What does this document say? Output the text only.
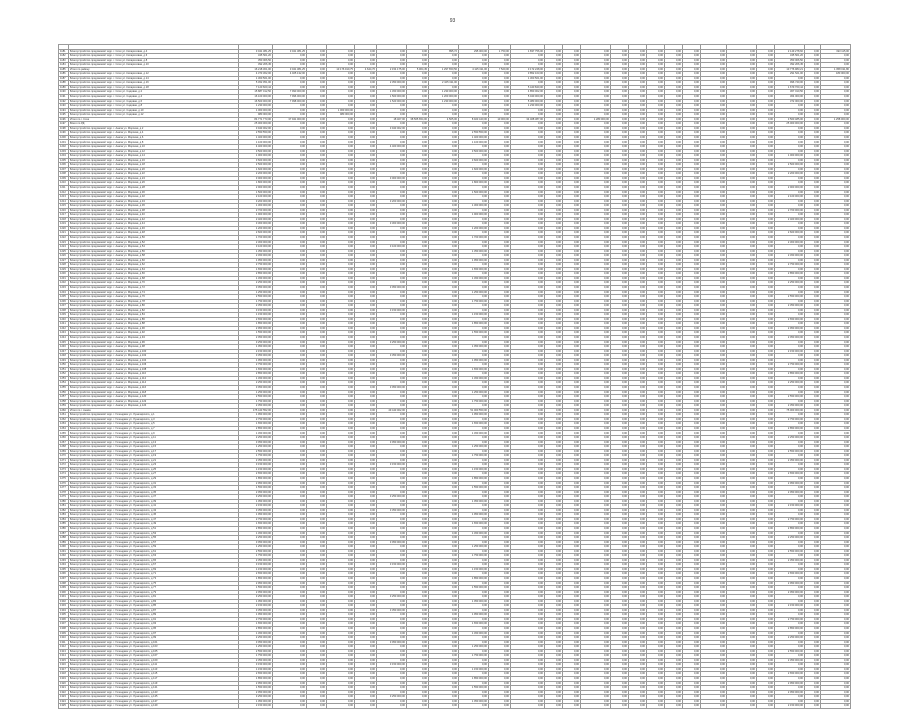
93

1181	Благоустройство придомовой терр. г. Сочи ул. Кипарисовая, д.4	3 041 381,25	3 041 381,25	0,00	0,00	0,00	0,00	0,00	895,72	295 000,00	1 750,00	1 837 756,00	0,00	0,00	0,00	0,00	0,00	0,00	0,00	0,00	0,00	0,00	0,00	2 149 278,60	0,00	193 115,00
1182	Благоустройство придомовой терр. г. Сочи ул. Кипарисовая, д.6	345 501,20	0,00	0,00	0,00	0,00	0,00	0,00	0,00	0,00	0,00	0,00	0,00	0,00	0,00	0,00	0,00	0,00	0,00	0,00	0,00	0,00	0,00	345 501,20	0,00	0,00
1183	Благоустройство придомовой терр. г. Сочи ул. Кипарисовая, д.8	350 006,50	0,00	0,00	0,00	0,00	0,00	0,00	0,00	0,00	0,00	0,00	0,00	0,00	0,00	0,00	0,00	0,00	0,00	0,00	0,00	0,00	0,00	350 006,50	0,00	0,00
1184	Благоустройство придомовой терр. г. Сочи ул. Кипарисовая, д.10	392 206,45	0,00	0,00	0,00	0,00	0,00	0,00	0,00	0,00	0,00	0,00	0,00	0,00	0,00	0,00	0,00	0,00	0,00	0,00	0,00	0,00	0,00	392 206,45	0,00	0,00
1185	Итого по району	16 218 301,00	3 041 381,25	0,00	13 176 919,75	4 644,76	2 154 175,00	5 964,45	1 297 650,56	4 115 311,06	7 520,00	3 172 248,00	0,00	0,00	0,00	0,00	0,00	0,00	0,00	0,00	0,00	0,00	0,00	13 776 983,21	0,00	1 058 011,80
1186	Благоустройство придомовой терр. г. Сочи ул. Кипарисовая, д.12	4 373 362,00	4 025 132,00	0,00	0,00	0,00	0,00	0,00	0,00	0,00	0,00	3 852 163,00	0,00	0,00	0,00	0,00	0,00	0,00	0,00	0,00	0,00	0,00	0,00	291 521,00	0,00	180 000,00
1187	Благоустройство придомовой терр. г. Сочи ул. Кипарисовая, д.14	1 300 561,00	0,00	0,00	0,00	0,00	0,00	0,00	0,00	0,00	0,00	1 300 561,00	0,00	0,00	0,00	0,00	0,00	0,00	0,00	0,00	0,00	0,00	0,00	0,00	0,00	0,00
1188	Благоустройство придомовой терр. г. Сочи ул. Кипарисовая, д.16	5 452 051,00	0,00	0,00	0,00	0,00	2 350 000,00	0,00	2 105 311,00	0,00	0,00	0,00	0,00	0,00	0,00	0,00	0,00	0,00	0,00	0,00	0,00	0,00	0,00	996 740,00	0,00	0,00
1189	Благоустройство придомовой терр. г. Сочи ул. Кипарисовая, д.18	7 120 600,44	0,00	0,00	0,00	0,00	0,00	0,00	0,00	0,00	0,00	5 440 840,00	0,00	0,00	0,00	0,00	0,00	0,00	0,00	0,00	0,00	0,00	0,00	1 679 760,44	0,00	0,00
1190	Благоустройство придомовой терр. г. Сочи ул. Садовая, д.2	15 887 012,50	7 990 000,00	0,00	0,00	0,00	1 450 000,00	0,00	1 230 000,00	0,00	0,00	4 850 002,00	0,00	0,00	0,00	0,00	0,00	0,00	0,00	0,00	0,00	0,00	0,00	367 010,50	0,00	0,00
1191	Благоустройство придомовой терр. г. Сочи ул. Садовая, д.4	16 100 000,00	7 996 000,00	0,00	0,00	0,00	1 500 000,00	0,00	1 200 000,00	0,00	0,00	5 040 000,00	0,00	0,00	0,00	0,00	0,00	0,00	0,00	0,00	0,00	0,00	0,00	364 000,00	0,00	0,00
1192	Благоустройство придомовой терр. г. Сочи ул. Садовая, д.6	16 500 000,00	7 998 000,00	0,00	0,00	0,00	1 520 000,00	0,00	1 230 000,00	0,00	0,00	5 380 000,00	0,00	0,00	0,00	0,00	0,00	0,00	0,00	0,00	0,00	0,00	0,00	372 000,00	0,00	0,00
1193	Благоустройство придомовой терр. г. Сочи ул. Садовая, д.8	1 230 000,00	0,00	0,00	0,00	0,00	0,00	0,00	0,00	0,00	0,00	1 230 000,00	0,00	0,00	0,00	0,00	0,00	0,00	0,00	0,00	0,00	0,00	0,00	0,00	0,00	0,00
1194	Благоустройство придомовой терр. г. Сочи ул. Садовая, д.10	1 060 000,00	0,00	0,00	1 060 000,00	0,00	0,00	0,00	0,00	0,00	0,00	0,00	0,00	0,00	0,00	0,00	0,00	0,00	0,00	0,00	0,00	0,00	0,00	0,00	0,00	0,00
1195	Благоустройство придомовой терр. г. Сочи ул. Садовая, д.12	980 000,00	0,00	0,00	980 000,00	0,00	0,00	0,00	0,00	0,00	0,00	0,00	0,00	0,00	0,00	0,00	0,00	0,00	0,00	0,00	0,00	0,00	0,00	0,00	0,00	0,00
1196	Итого по г. Сочи	84 771 773,00	37 941 000,00	0,00	0,00	0,00	18 407,00	38 565 654,00	4 505,00	8 923 440,00	10 000,00	34 468 387,00	0,00	0,00	1 280 000,00	0,00	0,00	0,00	0,00	0,00	0,00	0,00	0,00	3 560 485,00	0,00	1 258 000,00
1197	Всего по РД	25 000 000,00	0,00	0,00	0,00	0,00	0,00	0,00	0,00	0,00	0,00	0,00	0,00	0,00	0,00	0,00	0,00	0,00	0,00	0,00	0,00	0,00	0,00	25 000 000,00	0,00	0,00
1198	Благоустройство придомовой терр. г. Анапа ул. Морская, д.2	3 943 002,00	0,00	0,00	0,00	0,00	3 943 002,00	0,00	0,00	0,00	0,00	0,00	0,00	0,00	0,00	0,00	0,00	0,00	0,00	0,00	0,00	0,00	0,00	0,00	0,00	0,00
1199	Благоустройство придомовой терр. г. Анапа ул. Морская, д.4	2 550 550,00	0,00	0,00	0,00	0,00	0,00	0,00	0,00	2 550 550,00	0,00	0,00	0,00	0,00	0,00	0,00	0,00	0,00	0,00	0,00	0,00	0,00	0,00	0,00	0,00	0,00
1200	Благоустройство придомовой терр. г. Анапа ул. Морская, д.6	1 400 000,00	0,00	0,00	0,00	0,00	0,00	0,00	0,00	1 400 000,00	0,00	0,00	0,00	0,00	0,00	0,00	0,00	0,00	0,00	0,00	0,00	0,00	0,00	0,00	0,00	0,00
1201	Благоустройство придомовой терр. г. Анапа ул. Морская, д.8	1 100 000,00	0,00	0,00	0,00	0,00	0,00	0,00	0,00	1 100 000,00	0,00	0,00	0,00	0,00	0,00	0,00	0,00	0,00	0,00	0,00	0,00	0,00	0,00	0,00	0,00	0,00
1202	Благоустройство придомовой терр. г. Анапа ул. Морская, д.10	4 400 000,00	0,00	0,00	0,00	0,00	4 400 000,00	0,00	0,00	0,00	0,00	0,00	0,00	0,00	0,00	0,00	0,00	0,00	0,00	0,00	0,00	0,00	0,00	0,00	0,00	0,00
1203	Благоустройство придомовой терр. г. Анапа ул. Морская, д.12	3 500 000,00	0,00	0,00	0,00	0,00	0,00	0,00	0,00	3 500 000,00	0,00	0,00	0,00	0,00	0,00	0,00	0,00	0,00	0,00	0,00	0,00	0,00	0,00	0,00	0,00	0,00
1204	Благоустройство придомовой терр. г. Анапа ул. Морская, д.14	1 000 000,00	0,00	0,00	0,00	0,00	0,00	0,00	0,00	0,00	0,00	0,00	0,00	0,00	0,00	0,00	0,00	0,00	0,00	0,00	0,00	0,00	0,00	1 000 000,00	0,00	0,00
1205	Благоустройство придомовой терр. г. Анапа ул. Морская, д.16	3 600 000,00	0,00	0,00	0,00	0,00	0,00	0,00	0,00	3 600 000,00	0,00	0,00	0,00	0,00	0,00	0,00	0,00	0,00	0,00	0,00	0,00	0,00	0,00	0,00	0,00	0,00
1206	Благоустройство придомовой терр. г. Анапа ул. Морская, д.18	2 500 000,00	0,00	0,00	0,00	0,00	0,00	0,00	0,00	0,00	0,00	0,00	0,00	0,00	0,00	0,00	0,00	0,00	0,00	0,00	0,00	0,00	0,00	2 500 000,00	0,00	0,00
1207	Благоустройство придомовой терр. г. Анапа ул. Морская, д.20	1 600 000,00	0,00	0,00	0,00	0,00	0,00	0,00	0,00	1 600 000,00	0,00	0,00	0,00	0,00	0,00	0,00	0,00	0,00	0,00	0,00	0,00	0,00	0,00	0,00	0,00	0,00
1208	Благоустройство придомовой терр. г. Анапа ул. Морская, д.22	2 200 000,00	0,00	0,00	0,00	0,00	0,00	0,00	0,00	0,00	0,00	0,00	0,00	0,00	0,00	0,00	0,00	0,00	0,00	0,00	0,00	0,00	0,00	2 200 000,00	0,00	0,00
1209	Благоустройство придомовой терр. г. Анапа ул. Морская, д.24	3 000 000,00	0,00	0,00	0,00	0,00	3 000 000,00	0,00	0,00	0,00	0,00	0,00	0,00	0,00	0,00	0,00	0,00	0,00	0,00	0,00	0,00	0,00	0,00	0,00	0,00	0,00
1210	Благоустройство придомовой терр. г. Анапа ул. Морская, д.26	1 800 000,00	0,00	0,00	0,00	0,00	0,00	0,00	0,00	1 800 000,00	0,00	0,00	0,00	0,00	0,00	0,00	0,00	0,00	0,00	0,00	0,00	0,00	0,00	0,00	0,00	0,00
1211	Благоустройство придомовой терр. г. Анапа ул. Морская, д.28	2 900 000,00	0,00	0,00	0,00	0,00	0,00	0,00	0,00	0,00	0,00	0,00	0,00	0,00	0,00	0,00	0,00	0,00	0,00	0,00	0,00	0,00	0,00	2 900 000,00	0,00	0,00
1212	Благоустройство придомовой терр. г. Анапа ул. Морская, д.30	1 500 000,00	0,00	0,00	0,00	0,00	0,00	0,00	0,00	1 500 000,00	0,00	0,00	0,00	0,00	0,00	0,00	0,00	0,00	0,00	0,00	0,00	0,00	0,00	0,00	0,00	0,00
1213	Благоустройство придомовой терр. г. Анапа ул. Морская, д.32	2 100 000,00	0,00	0,00	0,00	0,00	0,00	0,00	0,00	0,00	0,00	0,00	0,00	0,00	0,00	0,00	0,00	0,00	0,00	0,00	0,00	0,00	0,00	2 100 000,00	0,00	0,00
1214	Благоустройство придомовой терр. г. Анапа ул. Морская, д.34	3 200 000,00	0,00	0,00	0,00	0,00	3 200 000,00	0,00	0,00	0,00	0,00	0,00	0,00	0,00	0,00	0,00	0,00	0,00	0,00	0,00	0,00	0,00	0,00	0,00	0,00	0,00
1215	Благоустройство придомовой терр. г. Анапа ул. Морская, д.36	1 300 000,00	0,00	0,00	0,00	0,00	0,00	0,00	0,00	1 300 000,00	0,00	0,00	0,00	0,00	0,00	0,00	0,00	0,00	0,00	0,00	0,00	0,00	0,00	0,00	0,00	0,00
1216	Благоустройство придомовой терр. г. Анапа ул. Морская, д.38	2 700 000,00	0,00	0,00	0,00	0,00	0,00	0,00	0,00	0,00	0,00	0,00	0,00	0,00	0,00	0,00	0,00	0,00	0,00	0,00	0,00	0,00	0,00	2 700 000,00	0,00	0,00
1217	Благоустройство придомовой терр. г. Анапа ул. Морская, д.40	1 900 000,00	0,00	0,00	0,00	0,00	0,00	0,00	0,00	1 900 000,00	0,00	0,00	0,00	0,00	0,00	0,00	0,00	0,00	0,00	0,00	0,00	0,00	0,00	0,00	0,00	0,00
1218	Благоустройство придомовой терр. г. Анапа ул. Морская, д.42	2 400 000,00	0,00	0,00	0,00	0,00	0,00	0,00	0,00	0,00	0,00	0,00	0,00	0,00	0,00	0,00	0,00	0,00	0,00	0,00	0,00	0,00	0,00	2 400 000,00	0,00	0,00
1219	Благоустройство придомовой терр. г. Анапа ул. Морская, д.44	3 300 000,00	0,00	0,00	0,00	0,00	3 300 000,00	0,00	0,00	0,00	0,00	0,00	0,00	0,00	0,00	0,00	0,00	0,00	0,00	0,00	0,00	0,00	0,00	0,00	0,00	0,00
1220	Благоустройство придомовой терр. г. Анапа ул. Морская, д.46	1 200 000,00	0,00	0,00	0,00	0,00	0,00	0,00	0,00	1 200 000,00	0,00	0,00	0,00	0,00	0,00	0,00	0,00	0,00	0,00	0,00	0,00	0,00	0,00	0,00	0,00	0,00
1221	Благоустройство придомовой терр. г. Анапа ул. Морская, д.48	2 600 000,00	0,00	0,00	0,00	0,00	0,00	0,00	0,00	0,00	0,00	0,00	0,00	0,00	0,00	0,00	0,00	0,00	0,00	0,00	0,00	0,00	0,00	2 600 000,00	0,00	0,00
1222	Благоустройство придомовой терр. г. Анапа ул. Морская, д.50	1 700 000,00	0,00	0,00	0,00	0,00	0,00	0,00	0,00	1 700 000,00	0,00	0,00	0,00	0,00	0,00	0,00	0,00	0,00	0,00	0,00	0,00	0,00	0,00	0,00	0,00	0,00
1223	Благоустройство придомовой терр. г. Анапа ул. Морская, д.52	2 300 000,00	0,00	0,00	0,00	0,00	0,00	0,00	0,00	0,00	0,00	0,00	0,00	0,00	0,00	0,00	0,00	0,00	0,00	0,00	0,00	0,00	0,00	2 300 000,00	0,00	0,00
1224	Благоустройство придомовой терр. г. Анапа ул. Морская, д.54	3 100 000,00	0,00	0,00	0,00	0,00	3 100 000,00	0,00	0,00	0,00	0,00	0,00	0,00	0,00	0,00	0,00	0,00	0,00	0,00	0,00	0,00	0,00	0,00	0,00	0,00	0,00
1225	Благоустройство придомовой терр. г. Анапа ул. Морская, д.56	1 350 000,00	0,00	0,00	0,00	0,00	0,00	0,00	0,00	1 350 000,00	0,00	0,00	0,00	0,00	0,00	0,00	0,00	0,00	0,00	0,00	0,00	0,00	0,00	0,00	0,00	0,00
1226	Благоустройство придомовой терр. г. Анапа ул. Морская, д.58	2 450 000,00	0,00	0,00	0,00	0,00	0,00	0,00	0,00	0,00	0,00	0,00	0,00	0,00	0,00	0,00	0,00	0,00	0,00	0,00	0,00	0,00	0,00	2 450 000,00	0,00	0,00
1227	Благоустройство придомовой терр. г. Анапа ул. Морская, д.60	1 950 000,00	0,00	0,00	0,00	0,00	0,00	0,00	0,00	1 950 000,00	0,00	0,00	0,00	0,00	0,00	0,00	0,00	0,00	0,00	0,00	0,00	0,00	0,00	0,00	0,00	0,00
1228	Благоустройство придомовой терр. г. Анапа ул. Морская, д.62	2 750 000,00	0,00	0,00	0,00	0,00	0,00	0,00	0,00	0,00	0,00	0,00	0,00	0,00	0,00	0,00	0,00	0,00	0,00	0,00	0,00	0,00	0,00	2 750 000,00	0,00	0,00
1229	Благоустройство придомовой терр. г. Анапа ул. Морская, д.64	1 650 000,00	0,00	0,00	0,00	0,00	0,00	0,00	0,00	1 650 000,00	0,00	0,00	0,00	0,00	0,00	0,00	0,00	0,00	0,00	0,00	0,00	0,00	0,00	0,00	0,00	0,00
1230	Благоустройство придомовой терр. г. Анапа ул. Морская, д.66	2 850 000,00	0,00	0,00	0,00	0,00	0,00	0,00	0,00	0,00	0,00	0,00	0,00	0,00	0,00	0,00	0,00	0,00	0,00	0,00	0,00	0,00	0,00	2 850 000,00	0,00	0,00
1231	Благоустройство придомовой терр. г. Анапа ул. Морская, д.68	1 450 000,00	0,00	0,00	0,00	0,00	0,00	0,00	0,00	1 450 000,00	0,00	0,00	0,00	0,00	0,00	0,00	0,00	0,00	0,00	0,00	0,00	0,00	0,00	0,00	0,00	0,00
1232	Благоустройство придомовой терр. г. Анапа ул. Морская, д.70	2 250 000,00	0,00	0,00	0,00	0,00	0,00	0,00	0,00	0,00	0,00	0,00	0,00	0,00	0,00	0,00	0,00	0,00	0,00	0,00	0,00	0,00	0,00	2 250 000,00	0,00	0,00
1233	Благоустройство придомовой терр. г. Анапа ул. Морская, д.72	3 050 000,00	0,00	0,00	0,00	0,00	3 050 000,00	0,00	0,00	0,00	0,00	0,00	0,00	0,00	0,00	0,00	0,00	0,00	0,00	0,00	0,00	0,00	0,00	0,00	0,00	0,00
1234	Благоустройство придомовой терр. г. Анапа ул. Морская, д.74	1 250 000,00	0,00	0,00	0,00	0,00	0,00	0,00	0,00	1 250 000,00	0,00	0,00	0,00	0,00	0,00	0,00	0,00	0,00	0,00	0,00	0,00	0,00	0,00	0,00	0,00	0,00
1235	Благоустройство придомовой терр. г. Анапа ул. Морская, д.76	2 550 000,00	0,00	0,00	0,00	0,00	0,00	0,00	0,00	0,00	0,00	0,00	0,00	0,00	0,00	0,00	0,00	0,00	0,00	0,00	0,00	0,00	0,00	2 550 000,00	0,00	0,00
1236	Благоустройство придомовой терр. г. Анапа ул. Морская, д.78	1 750 000,00	0,00	0,00	0,00	0,00	0,00	0,00	0,00	1 750 000,00	0,00	0,00	0,00	0,00	0,00	0,00	0,00	0,00	0,00	0,00	0,00	0,00	0,00	0,00	0,00	0,00
1237	Благоустройство придомовой терр. г. Анапа ул. Морская, д.80	2 350 000,00	0,00	0,00	0,00	0,00	0,00	0,00	0,00	0,00	0,00	0,00	0,00	0,00	0,00	0,00	0,00	0,00	0,00	0,00	0,00	0,00	0,00	2 350 000,00	0,00	0,00
1238	Благоустройство придомовой терр. г. Анапа ул. Морская, д.82	3 150 000,00	0,00	0,00	0,00	0,00	3 150 000,00	0,00	0,00	0,00	0,00	0,00	0,00	0,00	0,00	0,00	0,00	0,00	0,00	0,00	0,00	0,00	0,00	0,00	0,00	0,00
1239	Благоустройство придомовой терр. г. Анапа ул. Морская, д.84	1 150 000,00	0,00	0,00	0,00	0,00	0,00	0,00	0,00	1 150 000,00	0,00	0,00	0,00	0,00	0,00	0,00	0,00	0,00	0,00	0,00	0,00	0,00	0,00	0,00	0,00	0,00
1240	Благоустройство придомовой терр. г. Анапа ул. Морская, д.86	2 650 000,00	0,00	0,00	0,00	0,00	0,00	0,00	0,00	0,00	0,00	0,00	0,00	0,00	0,00	0,00	0,00	0,00	0,00	0,00	0,00	0,00	0,00	2 650 000,00	0,00	0,00
1241	Благоустройство придомовой терр. г. Анапа ул. Морская, д.88	1 850 000,00	0,00	0,00	0,00	0,00	0,00	0,00	0,00	1 850 000,00	0,00	0,00	0,00	0,00	0,00	0,00	0,00	0,00	0,00	0,00	0,00	0,00	0,00	0,00	0,00	0,00
1242	Благоустройство придомовой терр. г. Анапа ул. Морская, д.90	2 950 000,00	0,00	0,00	0,00	0,00	0,00	0,00	0,00	0,00	0,00	0,00	0,00	0,00	0,00	0,00	0,00	0,00	0,00	0,00	0,00	0,00	0,00	2 950 000,00	0,00	0,00
1243	Благоустройство придомовой терр. г. Анапа ул. Морская, д.92	1 550 000,00	0,00	0,00	0,00	0,00	0,00	0,00	0,00	1 550 000,00	0,00	0,00	0,00	0,00	0,00	0,00	0,00	0,00	0,00	0,00	0,00	0,00	0,00	0,00	0,00	0,00
1244	Благоустройство придомовой терр. г. Анапа ул. Морская, д.94	2 050 000,00	0,00	0,00	0,00	0,00	0,00	0,00	0,00	0,00	0,00	0,00	0,00	0,00	0,00	0,00	0,00	0,00	0,00	0,00	0,00	0,00	0,00	2 050 000,00	0,00	0,00
1245	Благоустройство придомовой терр. г. Анапа ул. Морская, д.96	3 250 000,00	0,00	0,00	0,00	0,00	3 250 000,00	0,00	0,00	0,00	0,00	0,00	0,00	0,00	0,00	0,00	0,00	0,00	0,00	0,00	0,00	0,00	0,00	0,00	0,00	0,00
1246	Благоустройство придомовой терр. г. Анапа ул. Морская, д.98	1 050 000,00	0,00	0,00	0,00	0,00	0,00	0,00	0,00	1 050 000,00	0,00	0,00	0,00	0,00	0,00	0,00	0,00	0,00	0,00	0,00	0,00	0,00	0,00	0,00	0,00	0,00
1247	Благоустройство придомовой терр. г. Анапа ул. Морская, д.100	2 150 000,00	0,00	0,00	0,00	0,00	0,00	0,00	0,00	0,00	0,00	0,00	0,00	0,00	0,00	0,00	0,00	0,00	0,00	0,00	0,00	0,00	0,00	2 150 000,00	0,00	0,00
1248	Благоустройство придомовой терр. г. Анапа ул. Морская, д.102	3 350 000,00	0,00	0,00	0,00	0,00	3 350 000,00	0,00	0,00	0,00	0,00	0,00	0,00	0,00	0,00	0,00	0,00	0,00	0,00	0,00	0,00	0,00	0,00	0,00	0,00	0,00
1249	Благоустройство придомовой терр. г. Анапа ул. Морская, д.104	1 950 000,00	0,00	0,00	0,00	0,00	0,00	0,00	0,00	1 950 000,00	0,00	0,00	0,00	0,00	0,00	0,00	0,00	0,00	0,00	0,00	0,00	0,00	0,00	0,00	0,00	0,00
1250	Благоустройство придомовой терр. г. Анапа ул. Морская, д.106	2 750 000,00	0,00	0,00	0,00	0,00	0,00	0,00	0,00	0,00	0,00	0,00	0,00	0,00	0,00	0,00	0,00	0,00	0,00	0,00	0,00	0,00	0,00	2 750 000,00	0,00	0,00
1251	Благоустройство придомовой терр. г. Анапа ул. Морская, д.108	1 650 000,00	0,00	0,00	0,00	0,00	0,00	0,00	0,00	1 650 000,00	0,00	0,00	0,00	0,00	0,00	0,00	0,00	0,00	0,00	0,00	0,00	0,00	0,00	0,00	0,00	0,00
1252	Благоустройство придомовой терр. г. Анапа ул. Морская, д.110	2 850 000,00	0,00	0,00	0,00	0,00	0,00	0,00	0,00	0,00	0,00	0,00	0,00	0,00	0,00	0,00	0,00	0,00	0,00	0,00	0,00	0,00	0,00	2 850 000,00	0,00	0,00
1253	Благоустройство придомовой терр. г. Анапа ул. Морская, д.112	1 450 000,00	0,00	0,00	0,00	0,00	0,00	0,00	0,00	1 450 000,00	0,00	0,00	0,00	0,00	0,00	0,00	0,00	0,00	0,00	0,00	0,00	0,00	0,00	0,00	0,00	0,00
1254	Благоустройство придомовой терр. г. Анапа ул. Морская, д.114	2 250 000,00	0,00	0,00	0,00	0,00	0,00	0,00	0,00	0,00	0,00	0,00	0,00	0,00	0,00	0,00	0,00	0,00	0,00	0,00	0,00	0,00	0,00	2 250 000,00	0,00	0,00
1255	Благоустройство придомовой терр. г. Анапа ул. Морская, д.116	3 050 000,00	0,00	0,00	0,00	0,00	3 050 000,00	0,00	0,00	0,00	0,00	0,00	0,00	0,00	0,00	0,00	0,00	0,00	0,00	0,00	0,00	0,00	0,00	0,00	0,00	0,00
1256	Благоустройство придомовой терр. г. Анапа ул. Морская, д.118	1 250 000,00	0,00	0,00	0,00	0,00	0,00	0,00	0,00	1 250 000,00	0,00	0,00	0,00	0,00	0,00	0,00	0,00	0,00	0,00	0,00	0,00	0,00	0,00	0,00	0,00	0,00
1257	Благоустройство придомовой терр. г. Анапа ул. Морская, д.120	2 550 000,00	0,00	0,00	0,00	0,00	0,00	0,00	0,00	0,00	0,00	0,00	0,00	0,00	0,00	0,00	0,00	0,00	0,00	0,00	0,00	0,00	0,00	2 550 000,00	0,00	0,00
1258	Благоустройство придомовой терр. г. Анапа ул. Морская, д.122	1 750 000,00	0,00	0,00	0,00	0,00	0,00	0,00	0,00	1 750 000,00	0,00	0,00	0,00	0,00	0,00	0,00	0,00	0,00	0,00	0,00	0,00	0,00	0,00	0,00	0,00	0,00
1259	Благоустройство придомовой терр. г. Анапа ул. Морская, д.124	2 350 000,00	0,00	0,00	0,00	0,00	0,00	0,00	0,00	0,00	0,00	0,00	0,00	0,00	0,00	0,00	0,00	0,00	0,00	0,00	0,00	0,00	0,00	2 350 000,00	0,00	0,00
1260	Итого по г. Анапа	175 443 552,00	0,00	0,00	0,00	0,00	49 443 002,00	0,00	0,00	51 000 550,00	0,00	0,00	0,00	0,00	0,00	0,00	0,00	0,00	0,00	0,00	0,00	0,00	0,00	75 000 000,00	0,00	0,00
1261	Благоустройство придомовой терр. г. Геленджик ул. Луначарского, д.1	1 950 000,00	0,00	0,00	0,00	0,00	0,00	0,00	0,00	1 950 000,00	0,00	0,00	0,00	0,00	0,00	0,00	0,00	0,00	0,00	0,00	0,00	0,00	0,00	0,00	0,00	0,00
1262	Благоустройство придомовой терр. г. Геленджик ул. Луначарского, д.3	2 750 000,00	0,00	0,00	0,00	0,00	0,00	0,00	0,00	0,00	0,00	0,00	0,00	0,00	0,00	0,00	0,00	0,00	0,00	0,00	0,00	0,00	0,00	2 750 000,00	0,00	0,00
1263	Благоустройство придомовой терр. г. Геленджик ул. Луначарского, д.5	1 650 000,00	0,00	0,00	0,00	0,00	0,00	0,00	0,00	1 650 000,00	0,00	0,00	0,00	0,00	0,00	0,00	0,00	0,00	0,00	0,00	0,00	0,00	0,00	0,00	0,00	0,00
1264	Благоустройство придомовой терр. г. Геленджик ул. Луначарского, д.7	2 850 000,00	0,00	0,00	0,00	0,00	0,00	0,00	0,00	0,00	0,00	0,00	0,00	0,00	0,00	0,00	0,00	0,00	0,00	0,00	0,00	0,00	0,00	2 850 000,00	0,00	0,00
1265	Благоустройство придомовой терр. г. Геленджик ул. Луначарского, д.9	1 450 000,00	0,00	0,00	0,00	0,00	0,00	0,00	0,00	1 450 000,00	0,00	0,00	0,00	0,00	0,00	0,00	0,00	0,00	0,00	0,00	0,00	0,00	0,00	0,00	0,00	0,00
1266	Благоустройство придомовой терр. г. Геленджик ул. Луначарского, д.11	2 250 000,00	0,00	0,00	0,00	0,00	0,00	0,00	0,00	0,00	0,00	0,00	0,00	0,00	0,00	0,00	0,00	0,00	0,00	0,00	0,00	0,00	0,00	2 250 000,00	0,00	0,00
1267	Благоустройство придомовой терр. г. Геленджик ул. Луначарского, д.13	3 050 000,00	0,00	0,00	0,00	0,00	3 050 000,00	0,00	0,00	0,00	0,00	0,00	0,00	0,00	0,00	0,00	0,00	0,00	0,00	0,00	0,00	0,00	0,00	0,00	0,00	0,00
1268	Благоустройство придомовой терр. г. Геленджик ул. Луначарского, д.15	1 250 000,00	0,00	0,00	0,00	0,00	0,00	0,00	0,00	1 250 000,00	0,00	0,00	0,00	0,00	0,00	0,00	0,00	0,00	0,00	0,00	0,00	0,00	0,00	0,00	0,00	0,00
1269	Благоустройство придомовой терр. г. Геленджик ул. Луначарского, д.17	2 550 000,00	0,00	0,00	0,00	0,00	0,00	0,00	0,00	0,00	0,00	0,00	0,00	0,00	0,00	0,00	0,00	0,00	0,00	0,00	0,00	0,00	0,00	2 550 000,00	0,00	0,00
1270	Благоустройство придомовой терр. г. Геленджик ул. Луначарского, д.19	1 750 000,00	0,00	0,00	0,00	0,00	0,00	0,00	0,00	1 750 000,00	0,00	0,00	0,00	0,00	0,00	0,00	0,00	0,00	0,00	0,00	0,00	0,00	0,00	0,00	0,00	0,00
1271	Благоустройство придомовой терр. г. Геленджик ул. Луначарского, д.21	2 350 000,00	0,00	0,00	0,00	0,00	0,00	0,00	0,00	0,00	0,00	0,00	0,00	0,00	0,00	0,00	0,00	0,00	0,00	0,00	0,00	0,00	0,00	2 350 000,00	0,00	0,00
1272	Благоустройство придомовой терр. г. Геленджик ул. Луначарского, д.23	3 150 000,00	0,00	0,00	0,00	0,00	3 150 000,00	0,00	0,00	0,00	0,00	0,00	0,00	0,00	0,00	0,00	0,00	0,00	0,00	0,00	0,00	0,00	0,00	0,00	0,00	0,00
1273	Благоустройство придомовой терр. г. Геленджик ул. Луначарского, д.25	1 150 000,00	0,00	0,00	0,00	0,00	0,00	0,00	0,00	1 150 000,00	0,00	0,00	0,00	0,00	0,00	0,00	0,00	0,00	0,00	0,00	0,00	0,00	0,00	0,00	0,00	0,00
1274	Благоустройство придомовой терр. г. Геленджик ул. Луначарского, д.27	2 650 000,00	0,00	0,00	0,00	0,00	0,00	0,00	0,00	0,00	0,00	0,00	0,00	0,00	0,00	0,00	0,00	0,00	0,00	0,00	0,00	0,00	0,00	2 650 000,00	0,00	0,00
1275	Благоустройство придомовой терр. г. Геленджик ул. Луначарского, д.29	1 850 000,00	0,00	0,00	0,00	0,00	0,00	0,00	0,00	1 850 000,00	0,00	0,00	0,00	0,00	0,00	0,00	0,00	0,00	0,00	0,00	0,00	0,00	0,00	0,00	0,00	0,00
1276	Благоустройство придомовой терр. г. Геленджик ул. Луначарского, д.31	2 950 000,00	0,00	0,00	0,00	0,00	0,00	0,00	0,00	0,00	0,00	0,00	0,00	0,00	0,00	0,00	0,00	0,00	0,00	0,00	0,00	0,00	0,00	2 950 000,00	0,00	0,00
1277	Благоустройство придомовой терр. г. Геленджик ул. Луначарского, д.33	1 550 000,00	0,00	0,00	0,00	0,00	0,00	0,00	0,00	1 550 000,00	0,00	0,00	0,00	0,00	0,00	0,00	0,00	0,00	0,00	0,00	0,00	0,00	0,00	0,00	0,00	0,00
1278	Благоустройство придомовой терр. г. Геленджик ул. Луначарского, д.35	2 050 000,00	0,00	0,00	0,00	0,00	0,00	0,00	0,00	0,00	0,00	0,00	0,00	0,00	0,00	0,00	0,00	0,00	0,00	0,00	0,00	0,00	0,00	2 050 000,00	0,00	0,00
1279	Благоустройство придомовой терр. г. Геленджик ул. Луначарского, д.37	3 250 000,00	0,00	0,00	0,00	0,00	3 250 000,00	0,00	0,00	0,00	0,00	0,00	0,00	0,00	0,00	0,00	0,00	0,00	0,00	0,00	0,00	0,00	0,00	0,00	0,00	0,00
1280	Благоустройство придомовой терр. г. Геленджик ул. Луначарского, д.39	1 050 000,00	0,00	0,00	0,00	0,00	0,00	0,00	0,00	1 050 000,00	0,00	0,00	0,00	0,00	0,00	0,00	0,00	0,00	0,00	0,00	0,00	0,00	0,00	0,00	0,00	0,00
1281	Благоустройство придомовой терр. г. Геленджик ул. Луначарского, д.41	2 150 000,00	0,00	0,00	0,00	0,00	0,00	0,00	0,00	0,00	0,00	0,00	0,00	0,00	0,00	0,00	0,00	0,00	0,00	0,00	0,00	0,00	0,00	2 150 000,00	0,00	0,00
1282	Благоустройство придомовой терр. г. Геленджик ул. Луначарского, д.43	3 350 000,00	0,00	0,00	0,00	0,00	3 350 000,00	0,00	0,00	0,00	0,00	0,00	0,00	0,00	0,00	0,00	0,00	0,00	0,00	0,00	0,00	0,00	0,00	0,00	0,00	0,00
1283	Благоустройство придомовой терр. г. Геленджик ул. Луначарского, д.45	1 950 000,00	0,00	0,00	0,00	0,00	0,00	0,00	0,00	1 950 000,00	0,00	0,00	0,00	0,00	0,00	0,00	0,00	0,00	0,00	0,00	0,00	0,00	0,00	0,00	0,00	0,00
1284	Благоустройство придомовой терр. г. Геленджик ул. Луначарского, д.47	2 750 000,00	0,00	0,00	0,00	0,00	0,00	0,00	0,00	0,00	0,00	0,00	0,00	0,00	0,00	0,00	0,00	0,00	0,00	0,00	0,00	0,00	0,00	2 750 000,00	0,00	0,00
1285	Благоустройство придомовой терр. г. Геленджик ул. Луначарского, д.49	1 650 000,00	0,00	0,00	0,00	0,00	0,00	0,00	0,00	1 650 000,00	0,00	0,00	0,00	0,00	0,00	0,00	0,00	0,00	0,00	0,00	0,00	0,00	0,00	0,00	0,00	0,00
1286	Благоустройство придомовой терр. г. Геленджик ул. Луначарского, д.51	2 850 000,00	0,00	0,00	0,00	0,00	0,00	0,00	0,00	0,00	0,00	0,00	0,00	0,00	0,00	0,00	0,00	0,00	0,00	0,00	0,00	0,00	0,00	2 850 000,00	0,00	0,00
1287	Благоустройство придомовой терр. г. Геленджик ул. Луначарского, д.53	1 450 000,00	0,00	0,00	0,00	0,00	0,00	0,00	0,00	1 450 000,00	0,00	0,00	0,00	0,00	0,00	0,00	0,00	0,00	0,00	0,00	0,00	0,00	0,00	0,00	0,00	0,00
1288	Благоустройство придомовой терр. г. Геленджик ул. Луначарского, д.55	2 250 000,00	0,00	0,00	0,00	0,00	0,00	0,00	0,00	0,00	0,00	0,00	0,00	0,00	0,00	0,00	0,00	0,00	0,00	0,00	0,00	0,00	0,00	2 250 000,00	0,00	0,00
1289	Благоустройство придомовой терр. г. Геленджик ул. Луначарского, д.57	3 050 000,00	0,00	0,00	0,00	0,00	3 050 000,00	0,00	0,00	0,00	0,00	0,00	0,00	0,00	0,00	0,00	0,00	0,00	0,00	0,00	0,00	0,00	0,00	0,00	0,00	0,00
1290	Благоустройство придомовой терр. г. Геленджик ул. Луначарского, д.59	1 250 000,00	0,00	0,00	0,00	0,00	0,00	0,00	0,00	1 250 000,00	0,00	0,00	0,00	0,00	0,00	0,00	0,00	0,00	0,00	0,00	0,00	0,00	0,00	0,00	0,00	0,00
1291	Благоустройство придомовой терр. г. Геленджик ул. Луначарского, д.61	2 550 000,00	0,00	0,00	0,00	0,00	0,00	0,00	0,00	0,00	0,00	0,00	0,00	0,00	0,00	0,00	0,00	0,00	0,00	0,00	0,00	0,00	0,00	2 550 000,00	0,00	0,00
1292	Благоустройство придомовой терр. г. Геленджик ул. Луначарского, д.63	1 750 000,00	0,00	0,00	0,00	0,00	0,00	0,00	0,00	1 750 000,00	0,00	0,00	0,00	0,00	0,00	0,00	0,00	0,00	0,00	0,00	0,00	0,00	0,00	0,00	0,00	0,00
1293	Благоустройство придомовой терр. г. Геленджик ул. Луначарского, д.65	2 350 000,00	0,00	0,00	0,00	0,00	0,00	0,00	0,00	0,00	0,00	0,00	0,00	0,00	0,00	0,00	0,00	0,00	0,00	0,00	0,00	0,00	0,00	2 350 000,00	0,00	0,00
1294	Благоустройство придомовой терр. г. Геленджик ул. Луначарского, д.67	3 150 000,00	0,00	0,00	0,00	0,00	3 150 000,00	0,00	0,00	0,00	0,00	0,00	0,00	0,00	0,00	0,00	0,00	0,00	0,00	0,00	0,00	0,00	0,00	0,00	0,00	0,00
1295	Благоустройство придомовой терр. г. Геленджик ул. Луначарского, д.69	1 150 000,00	0,00	0,00	0,00	0,00	0,00	0,00	0,00	1 150 000,00	0,00	0,00	0,00	0,00	0,00	0,00	0,00	0,00	0,00	0,00	0,00	0,00	0,00	0,00	0,00	0,00
1296	Благоустройство придомовой терр. г. Геленджик ул. Луначарского, д.71	2 650 000,00	0,00	0,00	0,00	0,00	0,00	0,00	0,00	0,00	0,00	0,00	0,00	0,00	0,00	0,00	0,00	0,00	0,00	0,00	0,00	0,00	0,00	2 650 000,00	0,00	0,00
1297	Благоустройство придомовой терр. г. Геленджик ул. Луначарского, д.73	1 850 000,00	0,00	0,00	0,00	0,00	0,00	0,00	0,00	1 850 000,00	0,00	0,00	0,00	0,00	0,00	0,00	0,00	0,00	0,00	0,00	0,00	0,00	0,00	0,00	0,00	0,00
1298	Благоустройство придомовой терр. г. Геленджик ул. Луначарского, д.75	2 950 000,00	0,00	0,00	0,00	0,00	0,00	0,00	0,00	0,00	0,00	0,00	0,00	0,00	0,00	0,00	0,00	0,00	0,00	0,00	0,00	0,00	0,00	2 950 000,00	0,00	0,00
1299	Благоустройство придомовой терр. г. Геленджик ул. Луначарского, д.77	1 550 000,00	0,00	0,00	0,00	0,00	0,00	0,00	0,00	1 550 000,00	0,00	0,00	0,00	0,00	0,00	0,00	0,00	0,00	0,00	0,00	0,00	0,00	0,00	0,00	0,00	0,00
1300	Благоустройство придомовой терр. г. Геленджик ул. Луначарского, д.79	2 050 000,00	0,00	0,00	0,00	0,00	0,00	0,00	0,00	0,00	0,00	0,00	0,00	0,00	0,00	0,00	0,00	0,00	0,00	0,00	0,00	0,00	0,00	2 050 000,00	0,00	0,00
1301	Благоустройство придомовой терр. г. Геленджик ул. Луначарского, д.81	3 250 000,00	0,00	0,00	0,00	0,00	3 250 000,00	0,00	0,00	0,00	0,00	0,00	0,00	0,00	0,00	0,00	0,00	0,00	0,00	0,00	0,00	0,00	0,00	0,00	0,00	0,00
1302	Благоустройство придомовой терр. г. Геленджик ул. Луначарского, д.83	1 050 000,00	0,00	0,00	0,00	0,00	0,00	0,00	0,00	1 050 000,00	0,00	0,00	0,00	0,00	0,00	0,00	0,00	0,00	0,00	0,00	0,00	0,00	0,00	0,00	0,00	0,00
1303	Благоустройство придомовой терр. г. Геленджик ул. Луначарского, д.85	2 150 000,00	0,00	0,00	0,00	0,00	0,00	0,00	0,00	0,00	0,00	0,00	0,00	0,00	0,00	0,00	0,00	0,00	0,00	0,00	0,00	0,00	0,00	2 150 000,00	0,00	0,00
1304	Благоустройство придомовой терр. г. Геленджик ул. Луначарского, д.87	3 350 000,00	0,00	0,00	0,00	0,00	3 350 000,00	0,00	0,00	0,00	0,00	0,00	0,00	0,00	0,00	0,00	0,00	0,00	0,00	0,00	0,00	0,00	0,00	0,00	0,00	0,00
1305	Благоустройство придомовой терр. г. Геленджик ул. Луначарского, д.89	1 950 000,00	0,00	0,00	0,00	0,00	0,00	0,00	0,00	1 950 000,00	0,00	0,00	0,00	0,00	0,00	0,00	0,00	0,00	0,00	0,00	0,00	0,00	0,00	0,00	0,00	0,00
1306	Благоустройство придомовой терр. г. Геленджик ул. Луначарского, д.91	2 750 000,00	0,00	0,00	0,00	0,00	0,00	0,00	0,00	0,00	0,00	0,00	0,00	0,00	0,00	0,00	0,00	0,00	0,00	0,00	0,00	0,00	0,00	2 750 000,00	0,00	0,00
1307	Благоустройство придомовой терр. г. Геленджик ул. Луначарского, д.93	1 650 000,00	0,00	0,00	0,00	0,00	0,00	0,00	0,00	1 650 000,00	0,00	0,00	0,00	0,00	0,00	0,00	0,00	0,00	0,00	0,00	0,00	0,00	0,00	0,00	0,00	0,00
1308	Благоустройство придомовой терр. г. Геленджик ул. Луначарского, д.95	2 850 000,00	0,00	0,00	0,00	0,00	0,00	0,00	0,00	0,00	0,00	0,00	0,00	0,00	0,00	0,00	0,00	0,00	0,00	0,00	0,00	0,00	0,00	2 850 000,00	0,00	0,00
1309	Благоустройство придомовой терр. г. Геленджик ул. Луначарского, д.97	1 450 000,00	0,00	0,00	0,00	0,00	0,00	0,00	0,00	1 450 000,00	0,00	0,00	0,00	0,00	0,00	0,00	0,00	0,00	0,00	0,00	0,00	0,00	0,00	0,00	0,00	0,00
1310	Благоустройство придомовой терр. г. Геленджик ул. Луначарского, д.99	2 250 000,00	0,00	0,00	0,00	0,00	0,00	0,00	0,00	0,00	0,00	0,00	0,00	0,00	0,00	0,00	0,00	0,00	0,00	0,00	0,00	0,00	0,00	2 250 000,00	0,00	0,00
1311	Благоустройство придомовой терр. г. Геленджик ул. Луначарского, д.101	3 050 000,00	0,00	0,00	0,00	0,00	3 050 000,00	0,00	0,00	0,00	0,00	0,00	0,00	0,00	0,00	0,00	0,00	0,00	0,00	0,00	0,00	0,00	0,00	0,00	0,00	0,00
1312	Благоустройство придомовой терр. г. Геленджик ул. Луначарского, д.103	1 250 000,00	0,00	0,00	0,00	0,00	0,00	0,00	0,00	1 250 000,00	0,00	0,00	0,00	0,00	0,00	0,00	0,00	0,00	0,00	0,00	0,00	0,00	0,00	0,00	0,00	0,00
1313	Благоустройство придомовой терр. г. Геленджик ул. Луначарского, д.105	2 550 000,00	0,00	0,00	0,00	0,00	0,00	0,00	0,00	0,00	0,00	0,00	0,00	0,00	0,00	0,00	0,00	0,00	0,00	0,00	0,00	0,00	0,00	2 550 000,00	0,00	0,00
1314	Благоустройство придомовой терр. г. Геленджик ул. Луначарского, д.107	1 750 000,00	0,00	0,00	0,00	0,00	0,00	0,00	0,00	1 750 000,00	0,00	0,00	0,00	0,00	0,00	0,00	0,00	0,00	0,00	0,00	0,00	0,00	0,00	0,00	0,00	0,00
1315	Благоустройство придомовой терр. г. Геленджик ул. Луначарского, д.109	2 350 000,00	0,00	0,00	0,00	0,00	0,00	0,00	0,00	0,00	0,00	0,00	0,00	0,00	0,00	0,00	0,00	0,00	0,00	0,00	0,00	0,00	0,00	2 350 000,00	0,00	0,00
1316	Благоустройство придомовой терр. г. Геленджик ул. Луначарского, д.111	3 150 000,00	0,00	0,00	0,00	0,00	3 150 000,00	0,00	0,00	0,00	0,00	0,00	0,00	0,00	0,00	0,00	0,00	0,00	0,00	0,00	0,00	0,00	0,00	0,00	0,00	0,00
1317	Благоустройство придомовой терр. г. Геленджик ул. Луначарского, д.113	1 150 000,00	0,00	0,00	0,00	0,00	0,00	0,00	0,00	1 150 000,00	0,00	0,00	0,00	0,00	0,00	0,00	0,00	0,00	0,00	0,00	0,00	0,00	0,00	0,00	0,00	0,00
1318	Благоустройство придомовой терр. г. Геленджик ул. Луначарского, д.115	2 650 000,00	0,00	0,00	0,00	0,00	0,00	0,00	0,00	0,00	0,00	0,00	0,00	0,00	0,00	0,00	0,00	0,00	0,00	0,00	0,00	0,00	0,00	2 650 000,00	0,00	0,00
1319	Благоустройство придомовой терр. г. Геленджик ул. Луначарского, д.117	1 850 000,00	0,00	0,00	0,00	0,00	0,00	0,00	0,00	1 850 000,00	0,00	0,00	0,00	0,00	0,00	0,00	0,00	0,00	0,00	0,00	0,00	0,00	0,00	0,00	0,00	0,00
1320	Благоустройство придомовой терр. г. Геленджик ул. Луначарского, д.119	2 950 000,00	0,00	0,00	0,00	0,00	0,00	0,00	0,00	0,00	0,00	0,00	0,00	0,00	0,00	0,00	0,00	0,00	0,00	0,00	0,00	0,00	0,00	2 950 000,00	0,00	0,00
1321	Благоустройство придомовой терр. г. Геленджик ул. Луначарского, д.121	1 550 000,00	0,00	0,00	0,00	0,00	0,00	0,00	0,00	1 550 000,00	0,00	0,00	0,00	0,00	0,00	0,00	0,00	0,00	0,00	0,00	0,00	0,00	0,00	0,00	0,00	0,00
1322	Благоустройство придомовой терр. г. Геленджик ул. Луначарского, д.123	2 050 000,00	0,00	0,00	0,00	0,00	0,00	0,00	0,00	0,00	0,00	0,00	0,00	0,00	0,00	0,00	0,00	0,00	0,00	0,00	0,00	0,00	0,00	2 050 000,00	0,00	0,00
1323	Благоустройство придомовой терр. г. Геленджик ул. Луначарского, д.125	3 250 000,00	0,00	0,00	0,00	0,00	3 250 000,00	0,00	0,00	0,00	0,00	0,00	0,00	0,00	0,00	0,00	0,00	0,00	0,00	0,00	0,00	0,00	0,00	0,00	0,00	0,00
1324	Благоустройство придомовой терр. г. Геленджик ул. Луначарского, д.127	1 050 000,00	0,00	0,00	0,00	0,00	0,00	0,00	0,00	1 050 000,00	0,00	0,00	0,00	0,00	0,00	0,00	0,00	0,00	0,00	0,00	0,00	0,00	0,00	0,00	0,00	0,00
1325	Благоустройство придомовой терр. г. Геленджик ул. Луначарского, д.129	2 150 000,00	0,00	0,00	0,00	0,00	0,00	0,00	0,00	0,00	0,00	0,00	0,00	0,00	0,00	0,00	0,00	0,00	0,00	0,00	0,00	0,00	0,00	2 150 000,00	0,00	0,00
